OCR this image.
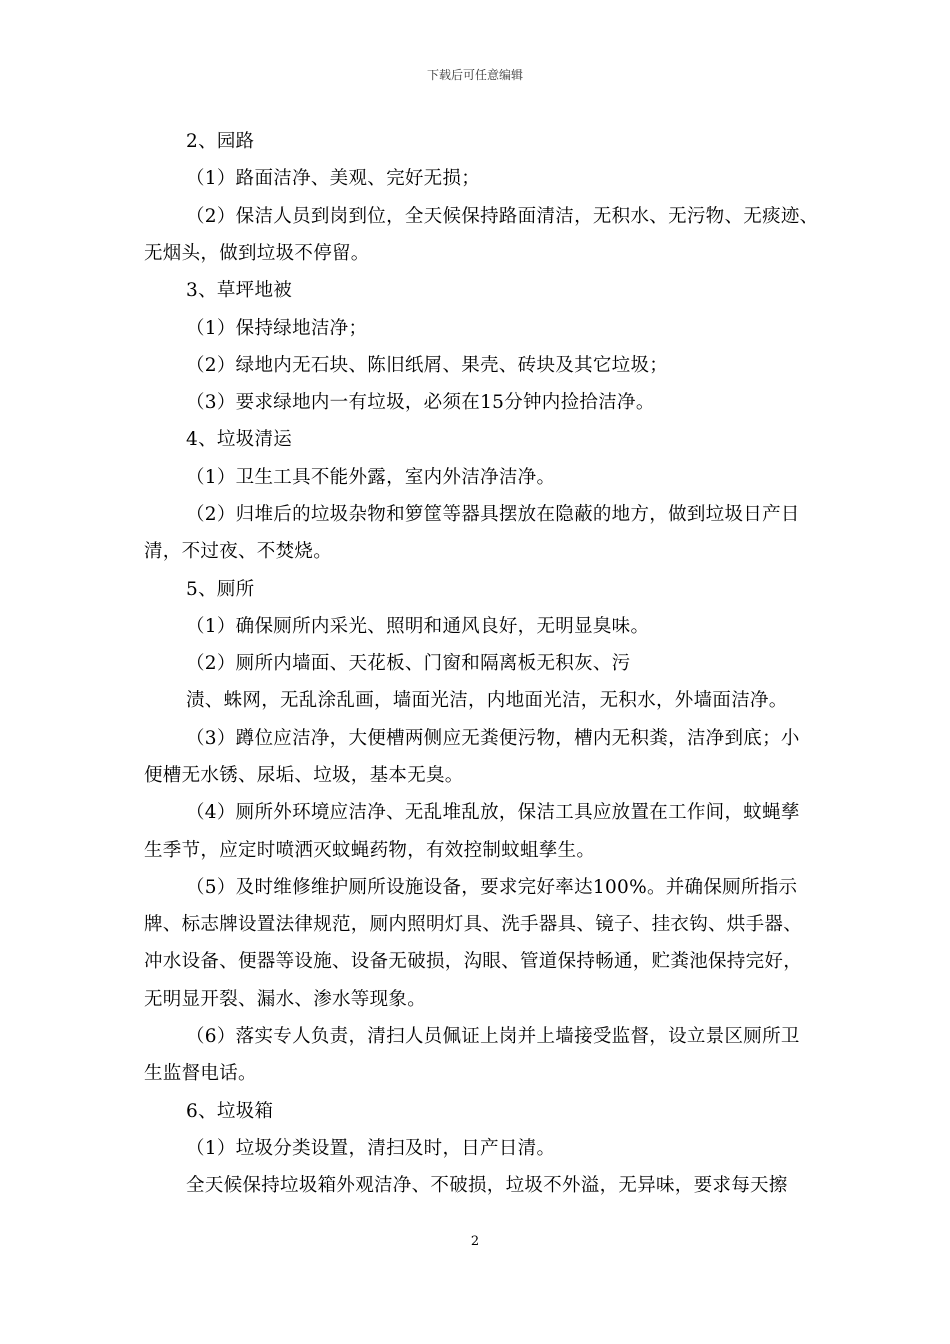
下载后可任意编辑
2、园路
（1）路面洁净、美观、完好无损；
（2）保洁人员到岗到位，全天候保持路面清洁，无积水、无污物、无痰迹、
无烟头，做到垃圾不停留。
3、草坪地被
（1）保持绿地洁净；
（2）绿地内无石块、陈旧纸屑、果壳、砖块及其它垃圾；
（3）要求绿地内一有垃圾，必须在15分钟内捡拾洁净。
4、垃圾清运
（1）卫生工具不能外露，室内外洁净洁净。
（2）归堆后的垃圾杂物和箩筐等器具摆放在隐蔽的地方，做到垃圾日产日
清，不过夜、不焚烧。
5、厕所
（1）确保厕所内采光、照明和通风良好，无明显臭味。
（2）厕所内墙面、天花板、门窗和隔离板无积灰、污
渍、蛛网，无乱涂乱画，墙面光洁，内地面光洁，无积水，外墙面洁净。
（3）蹲位应洁净，大便槽两侧应无粪便污物，槽内无积粪，洁净到底；小
便槽无水锈、尿垢、垃圾，基本无臭。
（4）厕所外环境应洁净、无乱堆乱放，保洁工具应放置在工作间，蚊蝇孳
生季节，应定时喷洒灭蚊蝇药物，有效控制蚊蛆孳生。
（5）及时维修维护厕所设施设备，要求完好率达100%。并确保厕所指示
牌、标志牌设置法律规范，厕内照明灯具、洗手器具、镜子、挂衣钩、烘手器、
冲水设备、便器等设施、设备无破损，沟眼、管道保持畅通，贮粪池保持完好，
无明显开裂、漏水、渗水等现象。
（6）落实专人负责，清扫人员佩证上岗并上墙接受监督，设立景区厕所卫
生监督电话。
6、垃圾箱
（1）垃圾分类设置，清扫及时，日产日清。
全天候保持垃圾箱外观洁净、不破损，垃圾不外溢，无异味，要求每天擦
2
